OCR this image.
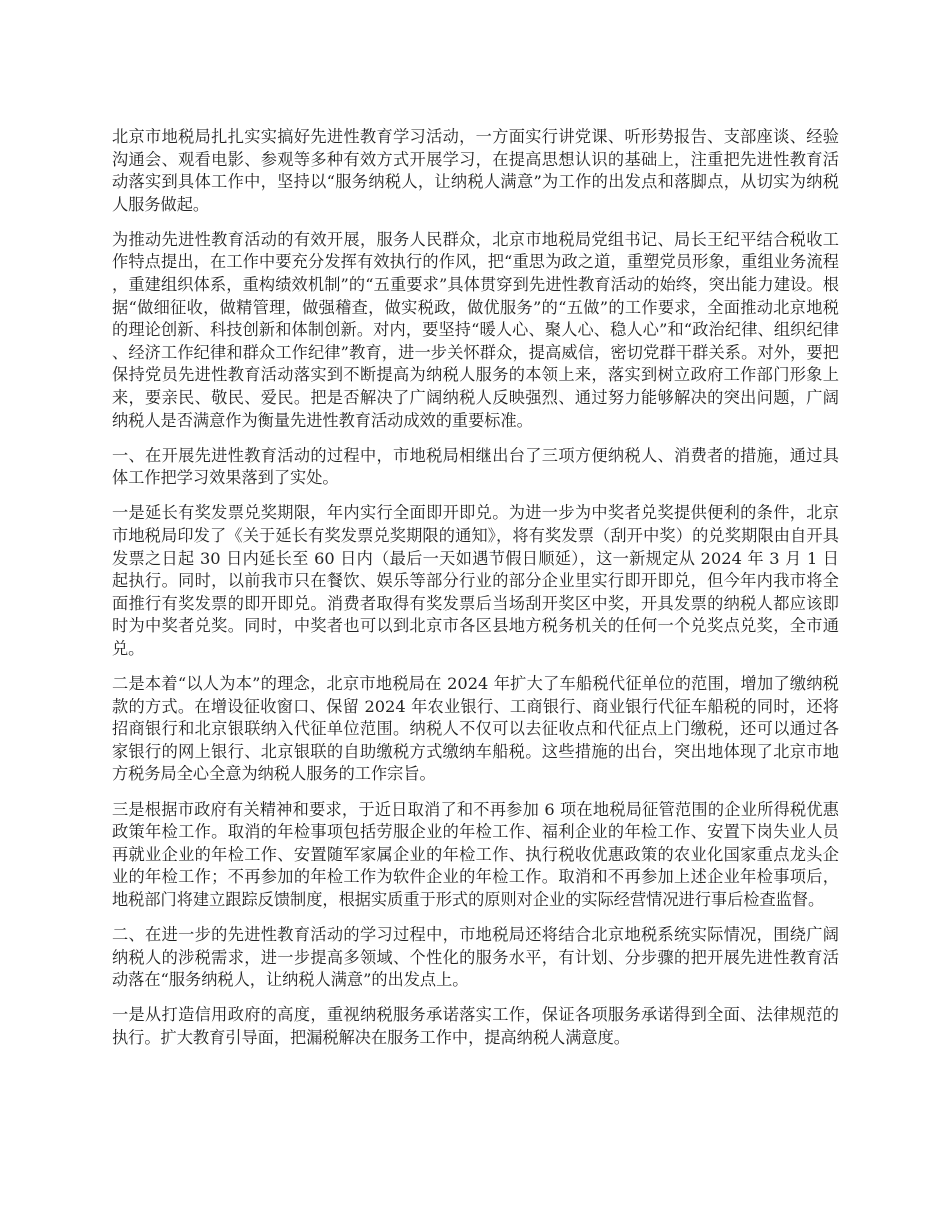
北京市地税局扎扎实实搞好先进性教育学习活动，一方面实行讲党课、听形势报告、支部座谈、经验沟通会、观看电影、参观等多种有效方式开展学习，在提高思想认识的基础上，注重把先进性教育活动落实到具体工作中，坚持以“服务纳税人，让纳税人满意”为工作的出发点和落脚点，从切实为纳税人服务做起。

为推动先进性教育活动的有效开展，服务人民群众，北京市地税局党组书记、局长王纪平结合税收工作特点提出，在工作中要充分发挥有效执行的作风，把“重思为政之道，重塑党员形象，重组业务流程，重建组织体系，重构绩效机制”的“五重要求”具体贯穿到先进性教育活动的始终，突出能力建设。根据“做细征收，做精管理，做强稽查，做实税政，做优服务”的“五做”的工作要求，全面推动北京地税的理论创新、科技创新和体制创新。对内，要坚持“暖人心、聚人心、稳人心”和“政治纪律、组织纪律、经济工作纪律和群众工作纪律”教育，进一步关怀群众，提高威信，密切党群干群关系。对外，要把保持党员先进性教育活动落实到不断提高为纳税人服务的本领上来，落实到树立政府工作部门形象上来，要亲民、敬民、爱民。把是否解决了广阔纳税人反映强烈、通过努力能够解决的突出问题，广阔纳税人是否满意作为衡量先进性教育活动成效的重要标准。

一、在开展先进性教育活动的过程中，市地税局相继出台了三项方便纳税人、消费者的措施，通过具体工作把学习效果落到了实处。

一是延长有奖发票兑奖期限，年内实行全面即开即兑。为进一步为中奖者兑奖提供便利的条件，北京市地税局印发了《关于延长有奖发票兑奖期限的通知》，将有奖发票（刮开中奖）的兑奖期限由自开具发票之日起 30 日内延长至 60 日内（最后一天如遇节假日顺延），这一新规定从 2024 年 3 月 1 日起执行。同时，以前我市只在餐饮、娱乐等部分行业的部分企业里实行即开即兑，但今年内我市将全面推行有奖发票的即开即兑。消费者取得有奖发票后当场刮开奖区中奖，开具发票的纳税人都应该即时为中奖者兑奖。同时，中奖者也可以到北京市各区县地方税务机关的任何一个兑奖点兑奖，全市通兑。

二是本着“以人为本”的理念，北京市地税局在 2024 年扩大了车船税代征单位的范围，增加了缴纳税款的方式。在增设征收窗口、保留 2024 年农业银行、工商银行、商业银行代征车船税的同时，还将招商银行和北京银联纳入代征单位范围。纳税人不仅可以去征收点和代征点上门缴税，还可以通过各家银行的网上银行、北京银联的自助缴税方式缴纳车船税。这些措施的出台，突出地体现了北京市地方税务局全心全意为纳税人服务的工作宗旨。

三是根据市政府有关精神和要求，于近日取消了和不再参加 6 项在地税局征管范围的企业所得税优惠政策年检工作。取消的年检事项包括劳服企业的年检工作、福利企业的年检工作、安置下岗失业人员再就业企业的年检工作、安置随军家属企业的年检工作、执行税收优惠政策的农业化国家重点龙头企业的年检工作；不再参加的年检工作为软件企业的年检工作。取消和不再参加上述企业年检事项后，地税部门将建立跟踪反馈制度，根据实质重于形式的原则对企业的实际经营情况进行事后检查监督。

二、在进一步的先进性教育活动的学习过程中，市地税局还将结合北京地税系统实际情况，围绕广阔纳税人的涉税需求，进一步提高多领域、个性化的服务水平，有计划、分步骤的把开展先进性教育活动落在“服务纳税人，让纳税人满意”的出发点上。

一是从打造信用政府的高度，重视纳税服务承诺落实工作，保证各项服务承诺得到全面、法律规范的执行。扩大教育引导面，把漏税解决在服务工作中，提高纳税人满意度。
